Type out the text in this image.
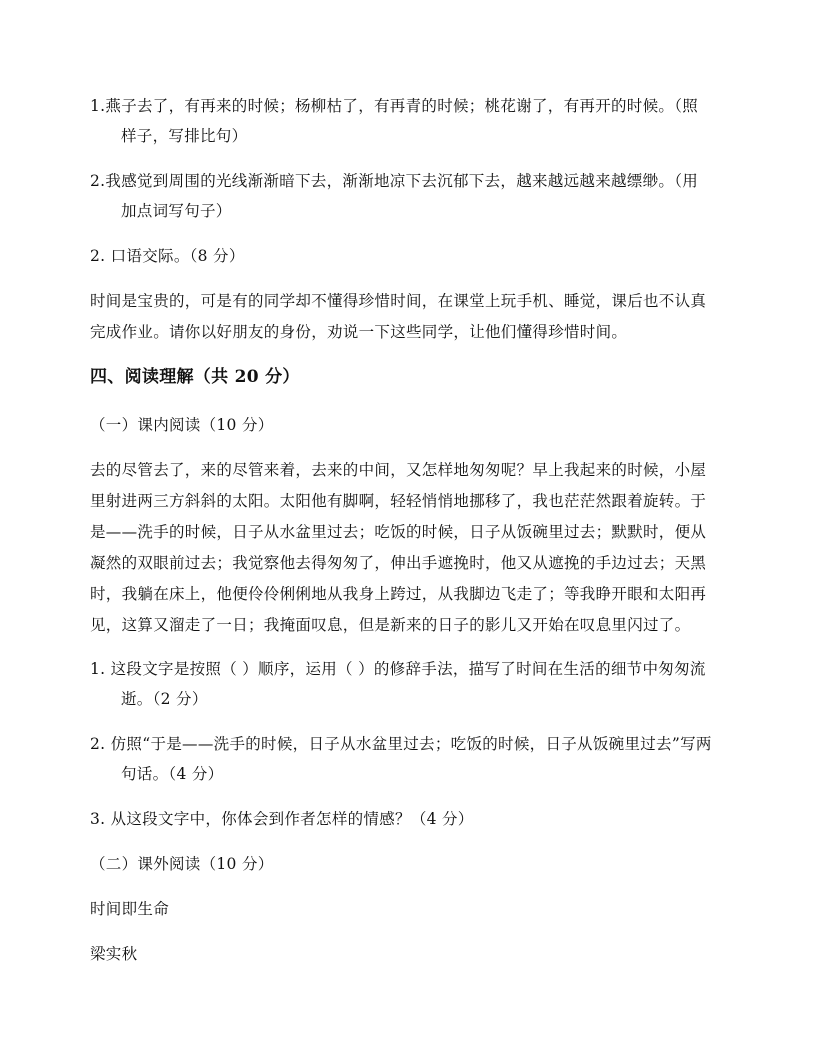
1.燕子去了，有再来的时候；杨柳枯了，有再青的时候；桃花谢了，有再开的时候。（照
样子，写排比句）
2.我感觉到周围的光线渐渐暗下去，渐渐地凉下去沉郁下去，越来越远越来越缥缈。（用
加点词写句子）
2. 口语交际。（8 分）
时间是宝贵的，可是有的同学却不懂得珍惜时间，在课堂上玩手机、睡觉，课后也不认真
完成作业。请你以好朋友的身份，劝说一下这些同学，让他们懂得珍惜时间。
四、阅读理解（共 20 分）
（一）课内阅读（10 分）
去的尽管去了，来的尽管来着，去来的中间，又怎样地匆匆呢？早上我起来的时候，小屋
里射进两三方斜斜的太阳。太阳他有脚啊，轻轻悄悄地挪移了，我也茫茫然跟着旋转。于
是——洗手的时候，日子从水盆里过去；吃饭的时候，日子从饭碗里过去；默默时，便从
凝然的双眼前过去；我觉察他去得匆匆了，伸出手遮挽时，他又从遮挽的手边过去；天黑
时，我躺在床上，他便伶伶俐俐地从我身上跨过，从我脚边飞走了；等我睁开眼和太阳再
见，这算又溜走了一日；我掩面叹息，但是新来的日子的影儿又开始在叹息里闪过了。
1. 这段文字是按照（ ）顺序，运用（ ）的修辞手法，描写了时间在生活的细节中匆匆流
逝。（2 分）
2. 仿照“于是——洗手的时候，日子从水盆里过去；吃饭的时候，日子从饭碗里过去”写两
句话。（4 分）
3. 从这段文字中，你体会到作者怎样的情感？（4 分）
（二）课外阅读（10 分）
时间即生命
梁实秋
